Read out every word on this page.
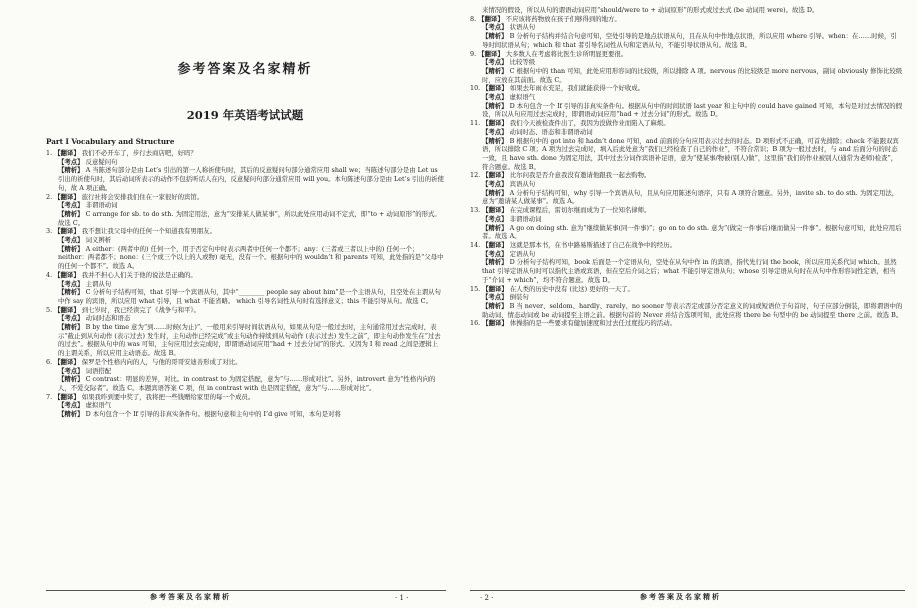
参考答案及名家精析
2019 年英语考试试题
Part Ⅰ Vocabulary and Structure

1. 【翻译】 我们不必开车了，步行去商店吧，好吗？

【考点】 反意疑问句

【精析】 A 当陈述句部分是由 Let’s 引出的第一人称祈使句时，其后的反意疑问句部分通常应用 shall we；当陈述句部分是由 Let us 引出的祈使句时，其后动词所表示的动作不包括听话人在内，反意疑问句部分通常应用 will you。本句陈述句部分是由 Let’s 引出的祈使句，故 A 项正确。

2. 【翻译】 旅行社将会安排我们住在一家很好的宾馆。

【考点】 非谓语动词

【精析】 C arrange for sb. to do sth. 为固定用法，意为“安排某人做某事”，所以此处应用动词不定式，即“to + 动词原形”的形式。故选 C。

3. 【翻译】 我不想让我父母中的任何一个知道我有男朋友。

【考点】 词义辨析

【精析】 A either：(两者中的) 任何一个，用于否定句中时表示两者中任何一个都不；any：(三者或三者以上中的) 任何一个；neither：两者都不；none：(三个或三个以上的人或物) 毫无，没有一个。根据句中的 wouldn’t 和 parents 可知，此处指的是“父母中的任何一个都不”。故选 A。

4. 【翻译】 我并不担心人们关于他的说法是正确的。

【考点】 主谓从句

【精析】 C 分析句子结构可知，that 引导一个宾语从句，其中“________ people say about him”是一个主语从句，且空处在主谓从句中作 say 的宾语，所以应用 what 引导，且 what 不能省略。 which 引导名词性从句时有选择意义；this 不能引导从句。故选 C。

5. 【翻译】 到七岁时，我已经读完了《战争与和平》。

【考点】 动词时态和语态

【精析】 B by the time 意为“到……时候(为止)”，一般用来引导时间状语从句，如果从句是一般过去时，主句通常用过去完成时，表示“截止到从句动作 (表示过去) 发生时，主句动作已经完成”或主句动作持续到从句动作 (表示过去) 发生之前”，即主句动作发生在“过去的过去”。根据从句中的 was 可知，主句应用过去完成时，即谓语动词应用“had + 过去分词”的形式。又因为 I 和 read 之间是逻辑上的主谓关系，所以应用主动语态。故选 B。

6. 【翻译】 保罗是个性格内向的人，与他的哥哥安迪善形成了对比。

【考点】 词语搭配

【精析】 C contrast：明显的差异，对比。in contrast to 为固定搭配，意为“与……形成对比”。另外，introvert 意为“性格内向的人，不爱交际者”。故选 C。本题宾语答案 C 项，但 in contrast with 也是固定搭配，意为“与……形成对比”。

7. 【翻译】 如果我昨到要中奖了，我将把一些钱赠给家里的每一个成员。

【考点】 虚拟语气

【精析】 D 本句包含一个 If 引导的非真实条件句。根据句意和主句中的 I’d give 可知，本句是对将

来情况的假设，所以从句的谓语动词应用“should/were to + 动词原形”的形式或过去式 (be 动词用 were)。故选 D。

8. 【翻译】 不应该将药物放在孩子们够得到的地方。

【考点】 状语从句

【精析】 B 分析句子结构并结合句意可知，空处引导的是地点状语从句，且在从句中作地点状语，所以应用 where 引导。when：在……时候，引导时间状语从句；which 和 that 者引导名词性从句和定语从句，不能引导状语从句。故选 B。

9. 【翻译】 大多数人在考虑将比医生诊所明显更要很。

【考点】 比较等级

【精析】 C 根据句中的 than 可知，此处应用形容词的比较级，所以排除 A 项。nervous 的比较级是 more nervous，副词 obviously 修饰比较级时，应放在其前面。故选 C。

10. 【翻译】 如果去年雨水充足，我们就能获得一个好收成。

【考点】 虚拟语气

【精析】 D 本句包含一个 If 引导的非真实条件句。根据从句中的时间状语 last year 和主句中的 could have gained 可知，本句是对过去情况的假设，所以从句应用过去完成时，即谓语动词应用“had + 过去分词”的形式。故选 D。

11. 【翻译】 我们今天被检查件出了，我因为没做作业而陷入了麻烦。

【考点】 动词时态、语态和非谓语动词

【精析】 B 根据句中的 got into 和 hadn’t done 可知，and 前面的分句应用表示过去的时态。D 项形式不正确，可首先排除；check 不能跟双宾语，所以排除 C 项；A 项为过去完成时，填入后此处意为“我们已经检查了自己的作业”，不符合常识；B 项为一般过去时，与 and 后面分句的时态一致，且 have sth. done 为固定用法，其中过去分词作宾语补足语，意为“使某事/物被(别人)做”，这里指“我们的作业被别人(通常为老师)检查”，符合题意。故选 B。

12. 【翻译】 比尔问我是否介意我没有邀请他跟我一起去购物。

【考点】 宾语从句

【精析】 A 分析句子结构可知，why 引导一个宾语从句，且从句应用陈述句语序，只有 A 项符合题意。另外，invite sb. to do sth. 为固定用法，意为“邀请某人做某事”。故选 A。

13. 【翻译】 在完成课程后，雷切尔继而成为了一位知名律师。

【考点】 非谓语动词

【精析】 A go on doing sth. 意为“继续做某事(同一件事)”；go on to do sth. 意为“(做完一件事后)继而做另一件事”。根据句意可知，此处应用后者。故选 A。

14. 【翻译】 这就是那本书，在书中路易斯描述了自己在战争中的经历。

【考点】 定语从句

【精析】 D 分析句子结构可知，book 后面是一个定语从句，空处在从句中作 in 的宾语，指代先行词 the book，所以应用关系代词 which。虽然 that 引导定语从句时可以指代主语或宾语，但在空后介词之后；what 不能引导定语从句；whose 引导定语从句时在从句中作形容词性定语，相当于“介词 + which”，均不符合题意。故选 D。

15. 【翻译】 在人类的历史中没有 (比这) 更好的一天了。

【考点】 倒装句

【精析】 B 当 never、seldom、hardly、rarely、no sooner 等表示否定或部分否定意义的词或短语位于句首时，句子应部分倒装，即将谓语中的助动词、情态动词或 be 动词提至主语之前。根据句首的 Never 并结合选项可知，此处应将 there be 句型中的 be 动词提至 there 之前。故选 B。

16. 【翻译】 体操指的是一些要求有健加速度和过去任过度技巧的活动。

参考答案及名家精析	· 1 ·	· 2 ·	参考答案及名家精析
